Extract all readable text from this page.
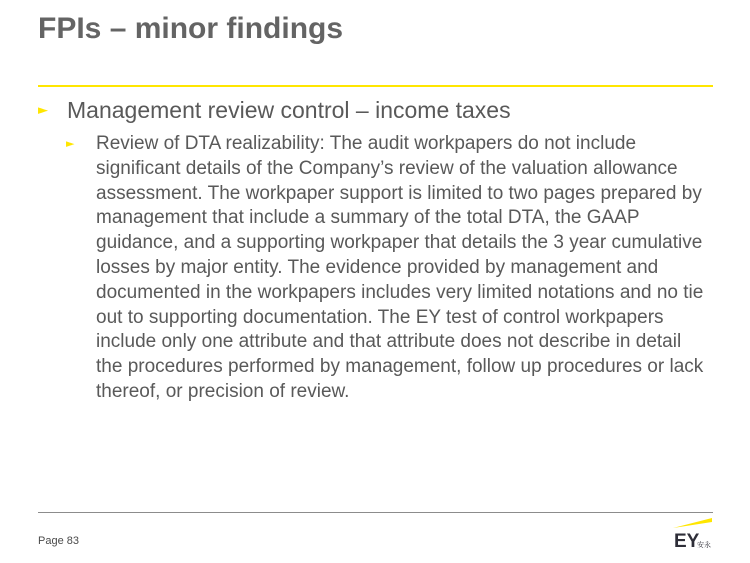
FPIs – minor findings
► Management review control – income taxes
►	Review of DTA realizability: The audit workpapers do not include significant details of the Company’s review of the valuation allowance assessment. The workpaper support is limited to two pages prepared by management that include a summary of the total DTA, the GAAP guidance, and a supporting workpaper that details the 3 year cumulative losses by major entity. The evidence provided by management and documented in the workpapers includes very limited notations and no tie out to supporting documentation. The EY test of control workpapers include only one attribute and that attribute does not describe in detail the procedures performed by management, follow up procedures or lack thereof, or precision of review.
Page 83	EY
安永
